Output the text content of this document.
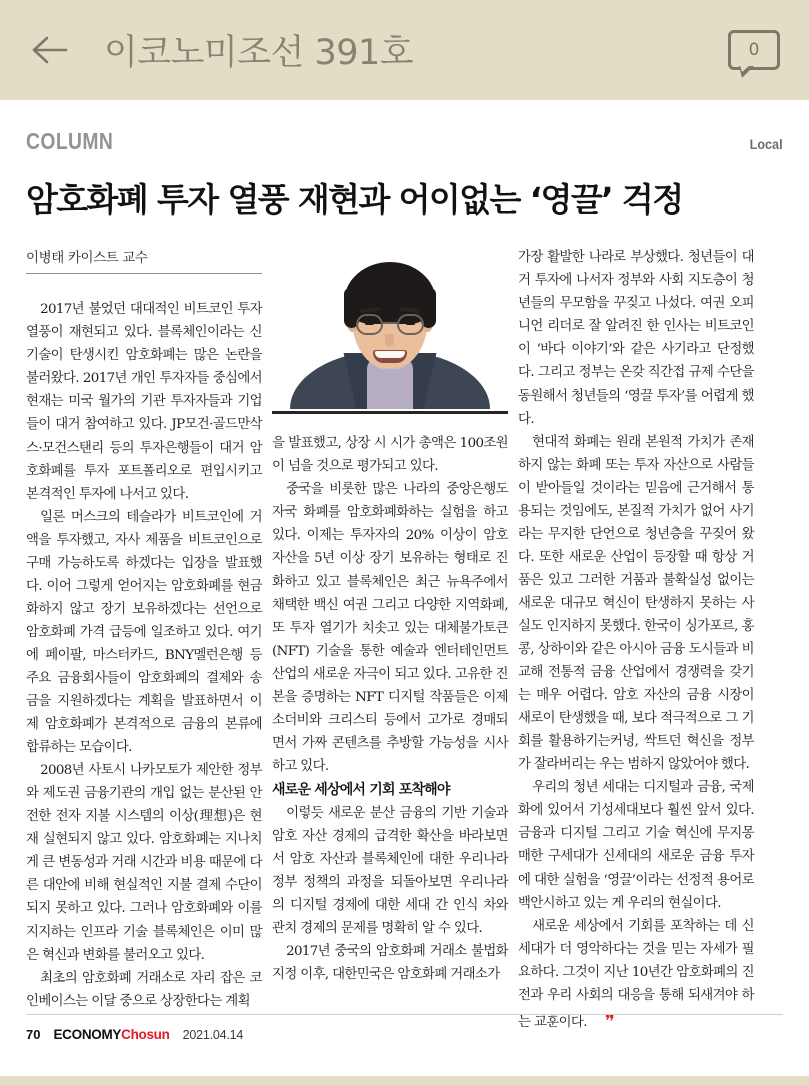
이코노미조선 391호	0
COLUMN	Local
암호화폐 투자 열풍 재현과 어이없는 ‘영끌’ 걱정
이병태 카이스트 교수

2017년 불었던 대대적인 비트코인 투자 열풍이 재현되고 있다. 블록체인이라는 신기술이 탄생시킨 암호화폐는 많은 논란을 불러왔다. 2017년 개인 투자자들 중심에서 현재는 미국 월가의 기관 투자자들과 기업들이 대거 참여하고 있다. JP모건·골드만삭스·모건스탠리 등의 투자은행들이 대거 암호화폐를 투자 포트폴리오로 편입시키고 본격적인 투자에 나서고 있다.

일론 머스크의 테슬라가 비트코인에 거액을 투자했고, 자사 제품을 비트코인으로 구매 가능하도록 하겠다는 입장을 발표했다. 이어 그렇게 얻어지는 암호화폐를 현금화하지 않고 장기 보유하겠다는 선언으로 암호화폐 가격 급등에 일조하고 있다. 여기에 페이팔, 마스터카드, BNY멜런은행 등 주요 금융회사들이 암호화폐의 결제와 송금을 지원하겠다는 계획을 발표하면서 이제 암호화폐가 본격적으로 금융의 본류에 합류하는 모습이다.

2008년 사토시 나카모토가 제안한 정부와 제도권 금융기관의 개입 없는 분산된 안전한 전자 지불 시스템의 이상(理想)은 현재 실현되지 않고 있다. 암호화폐는 지나치게 큰 변동성과 거래 시간과 비용 때문에 다른 대안에 비해 현실적인 지불 결제 수단이 되지 못하고 있다. 그러나 암호화폐와 이를 지지하는 인프라 기술 블록체인은 이미 많은 혁신과 변화를 불러오고 있다.

최초의 암호화폐 거래소로 자리 잡은 코인베이스는 이달 중으로 상장한다는 계획

을 발표했고, 상장 시 시가 총액은 100조원이 넘을 것으로 평가되고 있다.

중국을 비롯한 많은 나라의 중앙은행도 자국 화폐를 암호화폐화하는 실험을 하고 있다. 이제는 투자자의 20% 이상이 암호 자산을 5년 이상 장기 보유하는 형태로 진화하고 있고 블록체인은 최근 뉴욕주에서 채택한 백신 여권 그리고 다양한 지역화폐, 또 투자 열기가 치솟고 있는 대체불가토큰(NFT) 기술을 통한 예술과 엔터테인먼트 산업의 새로운 자극이 되고 있다. 고유한 진본을 증명하는 NFT 디지털 작품들은 이제 소더비와 크리스티 등에서 고가로 경매되면서 가짜 콘텐츠를 추방할 가능성을 시사하고 있다.

새로운 세상에서 기회 포착해야

이렇듯 새로운 분산 금융의 기반 기술과 암호 자산 경제의 급격한 확산을 바라보면서 암호 자산과 블록체인에 대한 우리나라 정부 정책의 과정을 되돌아보면 우리나라의 디지털 경제에 대한 세대 간 인식 차와 관치 경제의 문제를 명확히 알 수 있다.

2017년 중국의 암호화폐 거래소 불법화 지정 이후, 대한민국은 암호화폐 거래소가

가장 활발한 나라로 부상했다. 청년들이 대거 투자에 나서자 정부와 사회 지도층이 청년들의 무모함을 꾸짖고 나섰다. 여권 오피니언 리더로 잘 알려진 한 인사는 비트코인이 ‘바다 이야기’와 같은 사기라고 단정했다. 그리고 정부는 온갖 직간접 규제 수단을 동원해서 청년들의 ‘영끌 투자’를 어렵게 했다.

현대적 화폐는 원래 본원적 가치가 존재하지 않는 화폐 또는 투자 자산으로 사람들이 받아들일 것이라는 믿음에 근거해서 통용되는 것임에도, 본질적 가치가 없어 사기라는 무지한 단언으로 청년층을 꾸짖어 왔다. 또한 새로운 산업이 등장할 때 항상 거품은 있고 그러한 거품과 불확실성 없이는 새로운 대규모 혁신이 탄생하지 못하는 사실도 인지하지 못했다. 한국이 싱가포르, 홍콩, 상하이와 같은 아시아 금융 도시들과 비교해 전통적 금융 산업에서 경쟁력을 갖기는 매우 어렵다. 암호 자산의 금융 시장이 새로이 탄생했을 때, 보다 적극적으로 그 기회를 활용하기는커녕, 싹트던 혁신을 정부가 잘라버리는 우는 범하지 않았어야 했다.

우리의 청년 세대는 디지털과 금융, 국제화에 있어서 기성세대보다 훨씬 앞서 있다. 금융과 디지털 그리고 기술 혁신에 무지몽매한 구세대가 신세대의 새로운 금융 투자에 대한 실험을 ‘영끌’이라는 선정적 용어로 백안시하고 있는 게 우리의 현실이다.

새로운 세상에서 기회를 포착하는 데 신세대가 더 영악하다는 것을 믿는 자세가 필요하다. 그것이 지난 10년간 암호화폐의 진전과 우리 사회의 대응을 통해 되새겨야 하는 교훈이다. ❞

70 ECONOMYChosun 2021.04.14
